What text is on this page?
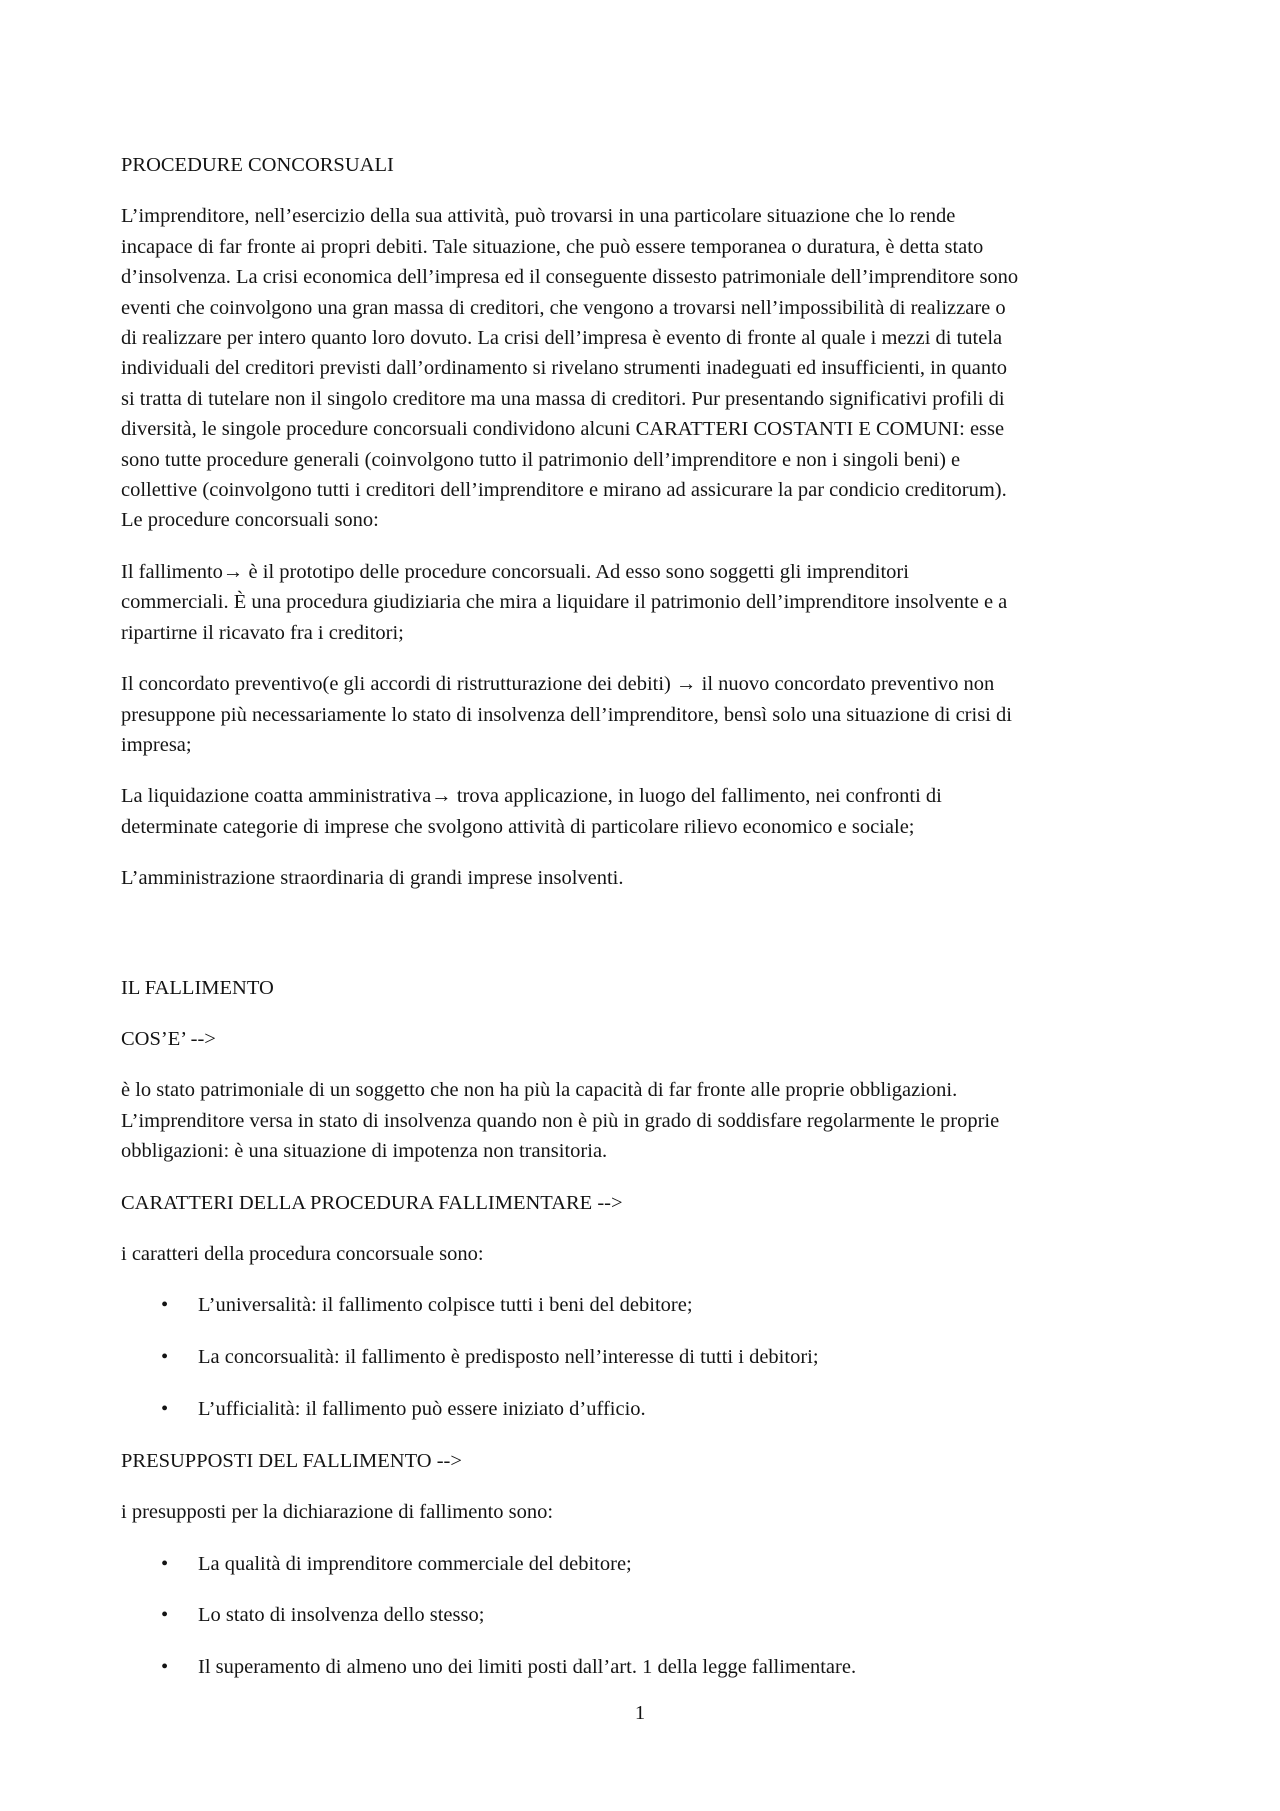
PROCEDURE CONCORSUALI

L’imprenditore, nell’esercizio della sua attività, può trovarsi in una particolare situazione che lo rende

incapace di far fronte ai propri debiti. Tale situazione, che può essere temporanea o duratura, è detta stato

d’insolvenza. La crisi economica dell’impresa ed il conseguente dissesto patrimoniale dell’imprenditore sono

eventi che coinvolgono una gran massa di creditori, che vengono a trovarsi nell’impossibilità di realizzare o

di realizzare per intero quanto loro dovuto. La crisi dell’impresa è evento di fronte al quale i mezzi di tutela

individuali del creditori previsti dall’ordinamento si rivelano strumenti inadeguati ed insufficienti, in quanto

si tratta di tutelare non il singolo creditore ma una massa di creditori. Pur presentando significativi profili di

diversità, le singole procedure concorsuali condividono alcuni CARATTERI COSTANTI E COMUNI: esse

sono tutte procedure generali (coinvolgono tutto il patrimonio dell’imprenditore e non i singoli beni) e

collettive (coinvolgono tutti i creditori dell’imprenditore e mirano ad assicurare la par condicio creditorum).

Le procedure concorsuali sono:

Il fallimento→ è il prototipo delle procedure concorsuali. Ad esso sono soggetti gli imprenditori

commerciali. È una procedura giudiziaria che mira a liquidare il patrimonio dell’imprenditore insolvente e a

ripartirne il ricavato fra i creditori;

Il concordato preventivo(e gli accordi di ristrutturazione dei debiti) → il nuovo concordato preventivo non

presuppone più necessariamente lo stato di insolvenza dell’imprenditore, bensì solo una situazione di crisi di

impresa;

La liquidazione coatta amministrativa→ trova applicazione, in luogo del fallimento, nei confronti di

determinate categorie di imprese che svolgono attività di particolare rilievo economico e sociale;

L’amministrazione straordinaria di grandi imprese insolventi.

IL FALLIMENTO

COS’E’ -->

è lo stato patrimoniale di un soggetto che non ha più la capacità di far fronte alle proprie obbligazioni.

L’imprenditore versa in stato di insolvenza quando non è più in grado di soddisfare regolarmente le proprie

obbligazioni: è una situazione di impotenza non transitoria.

CARATTERI DELLA PROCEDURA FALLIMENTARE -->

i caratteri della procedura concorsuale sono:

• L’universalità: il fallimento colpisce tutti i beni del debitore;
• La concorsualità: il fallimento è predisposto nell’interesse di tutti i debitori;
• L’ufficialità: il fallimento può essere iniziato d’ufficio.

PRESUPPOSTI DEL FALLIMENTO -->

i presupposti per la dichiarazione di fallimento sono:

• La qualità di imprenditore commerciale del debitore;
• Lo stato di insolvenza dello stesso;
• Il superamento di almeno uno dei limiti posti dall’art. 1 della legge fallimentare.
1
